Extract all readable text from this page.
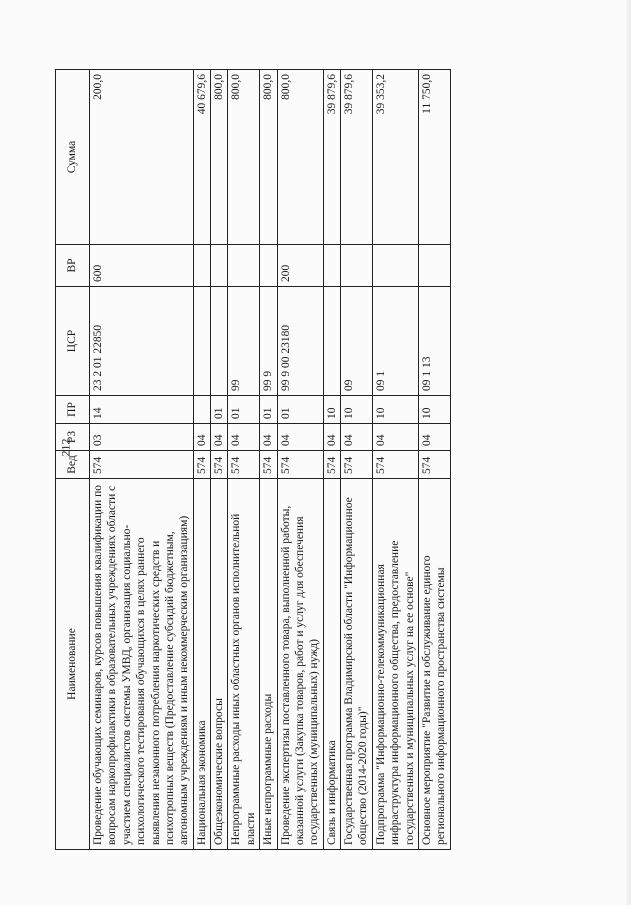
212
Наименование	Вед	РЗ	ПР	ЦСР	ВР	Сумма
Проведение обучающих семинаров, курсов повышения квалификации по вопросам наркопрофилактики в образовательных учреждениях области с участием специалистов системы УМВД, организация социально-психологического тестирования обучающихся в целях раннего выявления незаконного потребления наркотических средств и психотропных веществ (Предоставление субсидий бюджетным, автономным учреждениям и иным некоммерческим организациям)	574	03	14	23 2 01 22850	600	200,0
Национальная экономика	574	04				40 679,6
Общеэкономические вопросы	574	04	01			800,0
Непрограммные расходы иных областных органов исполнительной власти	574	04	01	99		800,0
Иные непрограммные расходы	574	04	01	99 9		800,0
Проведение экспертизы поставленного товара, выполненной работы, оказанной услуги (Закупка товаров, работ и услуг для обеспечения государственных (муниципальных) нужд)	574	04	01	99 9 00 23180	200	800,0
Связь и информатика	574	04	10			39 879,6
Государственная программа Владимирской области "Информационное общество (2014-2020 годы)"	574	04	10	09		39 879,6
Подпрограмма "Информационно-телекоммуникационная инфраструктура информационного общества, предоставление государственных и муниципальных услуг на ее основе"	574	04	10	09 1		39 353,2
Основное мероприятие "Развитие и обслуживание единого регионального информационного пространства системы	574	04	10	09 1 13		11 750,0
